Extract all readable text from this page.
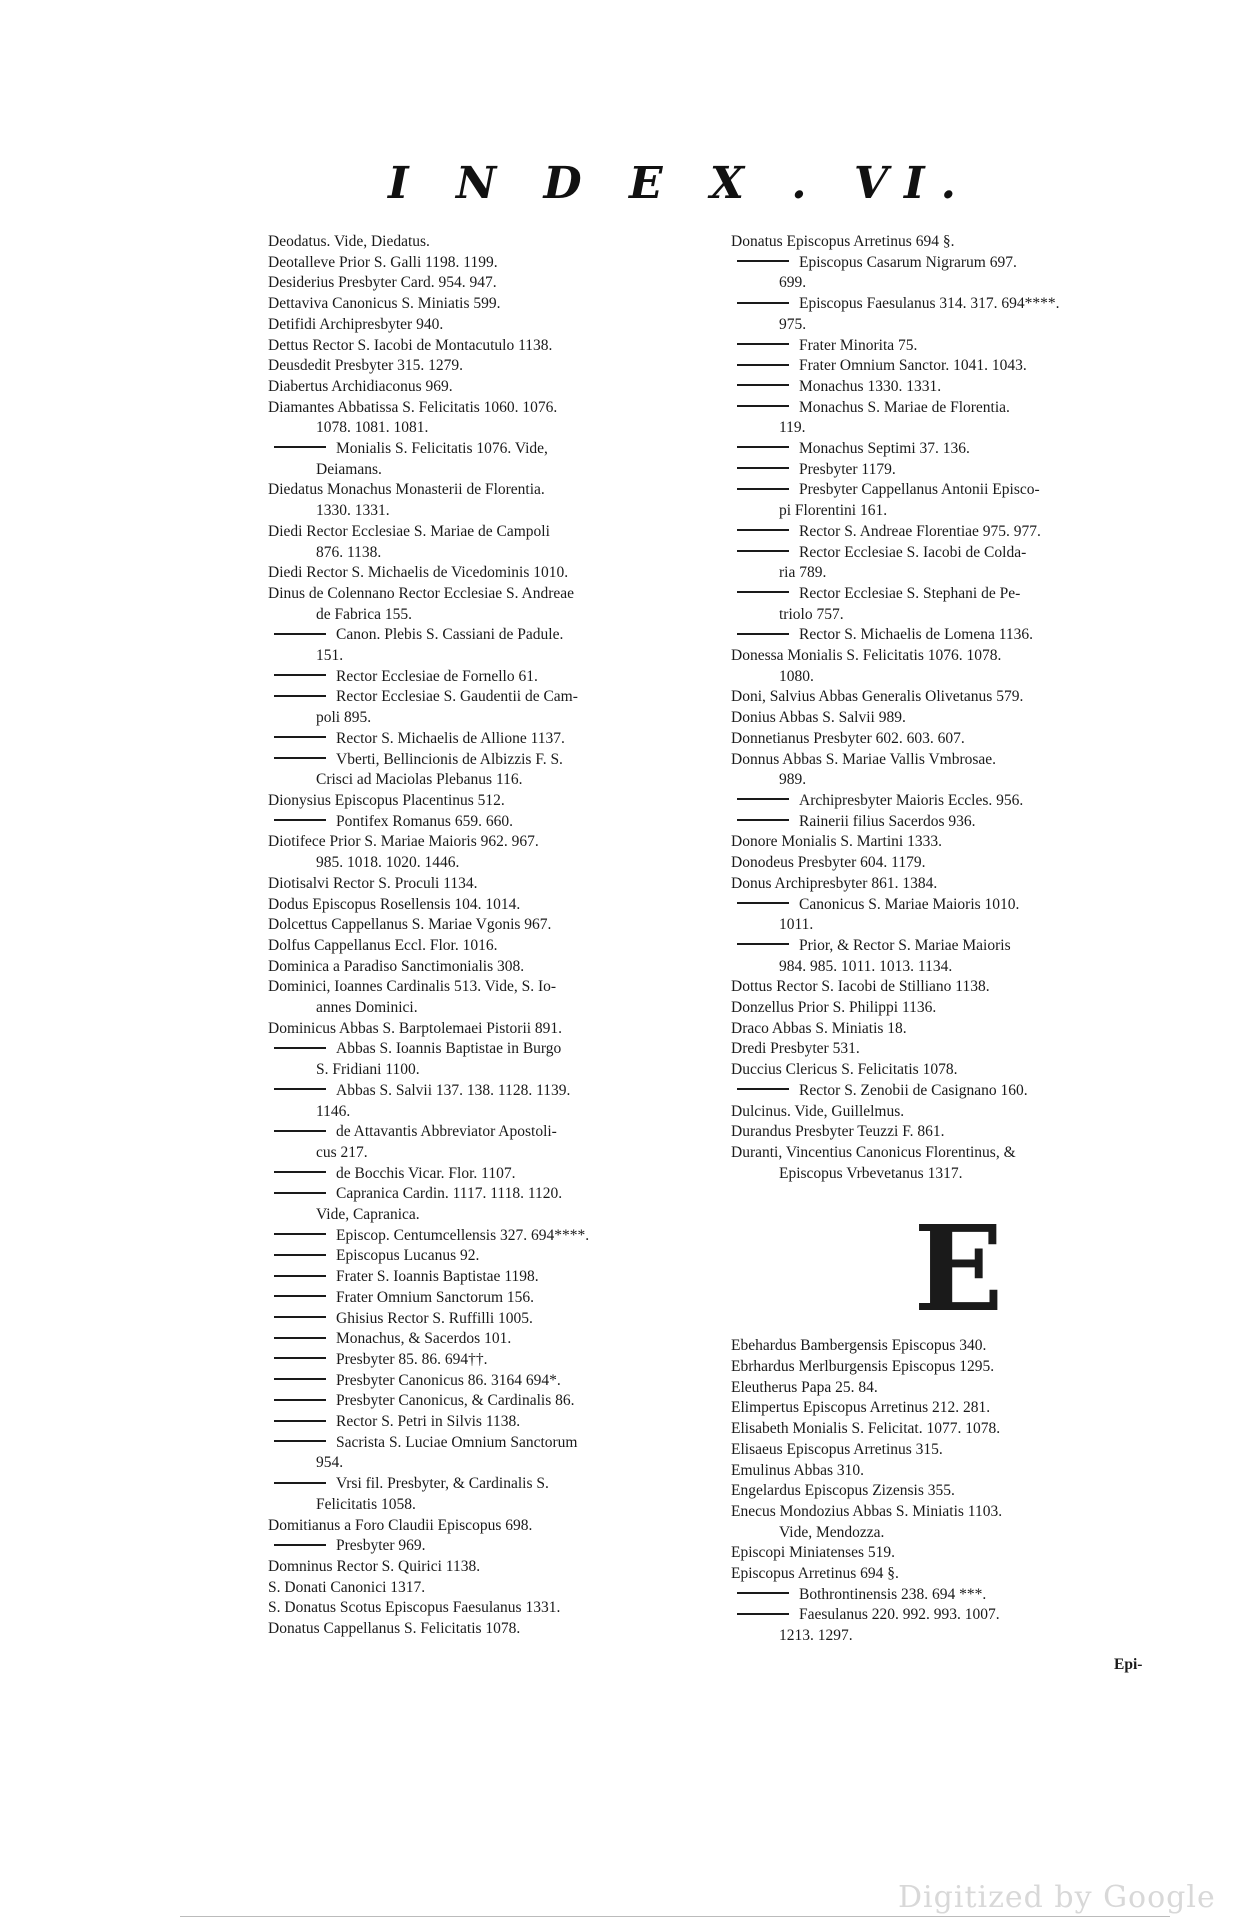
I N D E X . VI.
Deodatus. Vide, Diedatus.
Deotalleve Prior S. Galli 1198. 1199.
Desiderius Presbyter Card. 954. 947.
Dettaviva Canonicus S. Miniatis 599.
Detifidi Archipresbyter 940.
Dettus Rector S. Iacobi de Montacutulo 1138.
Deusdedit Presbyter 315. 1279.
Diabertus Archidiaconus 969.
Diamantes Abbatissa S. Felicitatis 1060. 1076.
1078. 1081. 1081.
Monialis S. Felicitatis 1076. Vide,
Deiamans.
Diedatus Monachus Monasterii de Florentia.
1330. 1331.
Diedi Rector Ecclesiae S. Mariae de Campoli
876. 1138.
Diedi Rector S. Michaelis de Vicedominis 1010.
Dinus de Colennano Rector Ecclesiae S. Andreae
de Fabrica 155.
Canon. Plebis S. Cassiani de Padule.
151.
Rector Ecclesiae de Fornello 61.
Rector Ecclesiae S. Gaudentii de Cam-
poli 895.
Rector S. Michaelis de Allione 1137.
Vberti, Bellincionis de Albizzis F. S.
Crisci ad Maciolas Plebanus 116.
Dionysius Episcopus Placentinus 512.
Pontifex Romanus 659. 660.
Diotifece Prior S. Mariae Maioris 962. 967.
985. 1018. 1020. 1446.
Diotisalvi Rector S. Proculi 1134.
Dodus Episcopus Rosellensis 104. 1014.
Dolcettus Cappellanus S. Mariae Vgonis 967.
Dolfus Cappellanus Eccl. Flor. 1016.
Dominica a Paradiso Sanctimonialis 308.
Dominici, Ioannes Cardinalis 513. Vide, S. Io-
annes Dominici.
Dominicus Abbas S. Barptolemaei Pistorii 891.
Abbas S. Ioannis Baptistae in Burgo
S. Fridiani 1100.
Abbas S. Salvii 137. 138. 1128. 1139.
1146.
de Attavantis Abbreviator Apostoli-
cus 217.
de Bocchis Vicar. Flor. 1107.
Capranica Cardin. 1117. 1118. 1120.
Vide, Capranica.
Episcop. Centumcellensis 327. 694****.
Episcopus Lucanus 92.
Frater S. Ioannis Baptistae 1198.
Frater Omnium Sanctorum 156.
Ghisius Rector S. Ruffilli 1005.
Monachus, & Sacerdos 101.
Presbyter 85. 86. 694††.
Presbyter Canonicus 86. 3164 694*.
Presbyter Canonicus, & Cardinalis 86.
Rector S. Petri in Silvis 1138.
Sacrista S. Luciae Omnium Sanctorum
954.
Vrsi fil. Presbyter, & Cardinalis S.
Felicitatis 1058.
Domitianus a Foro Claudii Episcopus 698.
Presbyter 969.
Domninus Rector S. Quirici 1138.
S. Donati Canonici 1317.
S. Donatus Scotus Episcopus Faesulanus 1331.
Donatus Cappellanus S. Felicitatis 1078.
Donatus Episcopus Arretinus 694 §.
Episcopus Casarum Nigrarum 697.
699.
Episcopus Faesulanus 314. 317. 694****.
975.
Frater Minorita 75.
Frater Omnium Sanctor. 1041. 1043.
Monachus 1330. 1331.
Monachus S. Mariae de Florentia.
119.
Monachus Septimi 37. 136.
Presbyter 1179.
Presbyter Cappellanus Antonii Episco-
pi Florentini 161.
Rector S. Andreae Florentiae 975. 977.
Rector Ecclesiae S. Iacobi de Colda-
ria 789.
Rector Ecclesiae S. Stephani de Pe-
triolo 757.
Rector S. Michaelis de Lomena 1136.
Donessa Monialis S. Felicitatis 1076. 1078.
1080.
Doni, Salvius Abbas Generalis Olivetanus 579.
Donius Abbas S. Salvii 989.
Donnetianus Presbyter 602. 603. 607.
Donnus Abbas S. Mariae Vallis Vmbrosae.
989.
Archipresbyter Maioris Eccles. 956.
Rainerii filius Sacerdos 936.
Donore Monialis S. Martini 1333.
Donodeus Presbyter 604. 1179.
Donus Archipresbyter 861. 1384.
Canonicus S. Mariae Maioris 1010.
1011.
Prior, & Rector S. Mariae Maioris
984. 985. 1011. 1013. 1134.
Dottus Rector S. Iacobi de Stilliano 1138.
Donzellus Prior S. Philippi 1136.
Draco Abbas S. Miniatis 18.
Dredi Presbyter 531.
Duccius Clericus S. Felicitatis 1078.
Rector S. Zenobii de Casignano 160.
Dulcinus. Vide, Guillelmus.
Durandus Presbyter Teuzzi F. 861.
Duranti, Vincentius Canonicus Florentinus, &
Episcopus Vrbevetanus 1317.
E
Ebehardus Bambergensis Episcopus 340.
Ebrhardus Merlburgensis Episcopus 1295.
Eleutherus Papa 25. 84.
Elimpertus Episcopus Arretinus 212. 281.
Elisabeth Monialis S. Felicitat. 1077. 1078.
Elisaeus Episcopus Arretinus 315.
Emulinus Abbas 310.
Engelardus Episcopus Zizensis 355.
Enecus Mondozius Abbas S. Miniatis 1103.
Vide, Mendozza.
Episcopi Miniatenses 519.
Episcopus Arretinus 694 §.
Bothrontinensis 238. 694 ***.
Faesulanus 220. 992. 993. 1007.
1213. 1297.
Epi-
Digitized by Google
